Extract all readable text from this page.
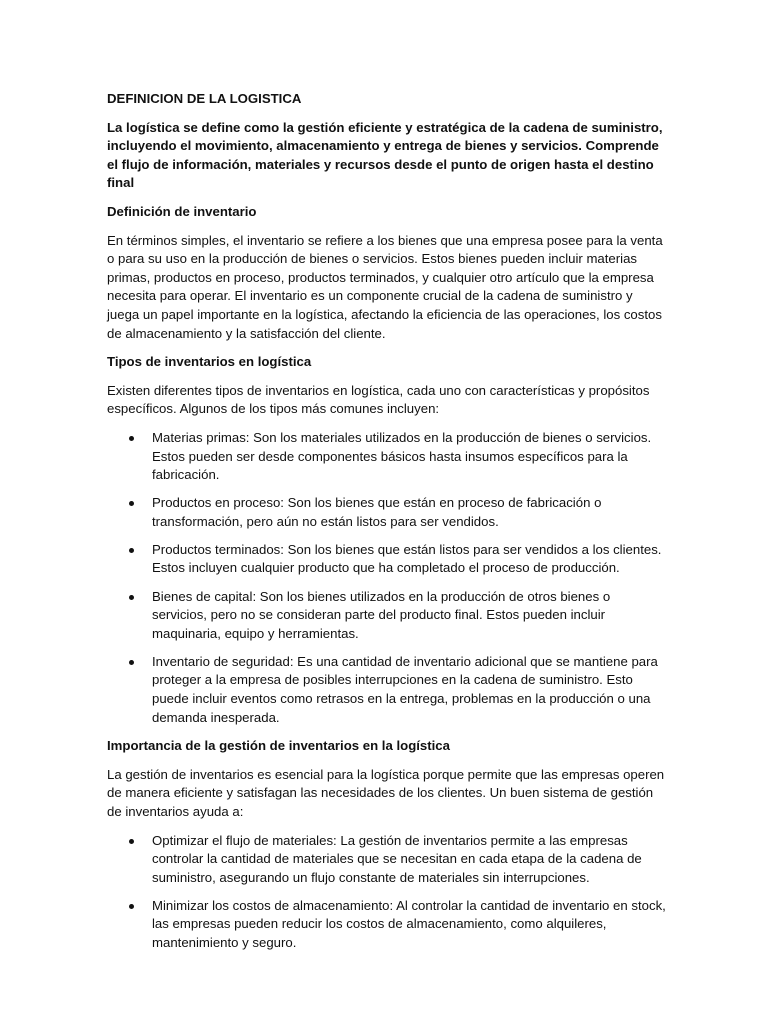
DEFINICION DE LA LOGISTICA

La logística se define como la gestión eficiente y estratégica de la cadena de suministro, incluyendo el movimiento, almacenamiento y entrega de bienes y servicios. Comprende el flujo de información, materiales y recursos desde el punto de origen hasta el destino final

Definición de inventario

En términos simples, el inventario se refiere a los bienes que una empresa posee para la venta o para su uso en la producción de bienes o servicios. Estos bienes pueden incluir materias primas, productos en proceso, productos terminados, y cualquier otro artículo que la empresa necesita para operar. El inventario es un componente crucial de la cadena de suministro y juega un papel importante en la logística, afectando la eficiencia de las operaciones, los costos de almacenamiento y la satisfacción del cliente.

Tipos de inventarios en logística

Existen diferentes tipos de inventarios en logística, cada uno con características y propósitos específicos. Algunos de los tipos más comunes incluyen:

Materias primas: Son los materiales utilizados en la producción de bienes o servicios. Estos pueden ser desde componentes básicos hasta insumos específicos para la fabricación.
Productos en proceso: Son los bienes que están en proceso de fabricación o transformación, pero aún no están listos para ser vendidos.
Productos terminados: Son los bienes que están listos para ser vendidos a los clientes. Estos incluyen cualquier producto que ha completado el proceso de producción.
Bienes de capital: Son los bienes utilizados en la producción de otros bienes o servicios, pero no se consideran parte del producto final. Estos pueden incluir maquinaria, equipo y herramientas.
Inventario de seguridad: Es una cantidad de inventario adicional que se mantiene para proteger a la empresa de posibles interrupciones en la cadena de suministro. Esto puede incluir eventos como retrasos en la entrega, problemas en la producción o una demanda inesperada.

Importancia de la gestión de inventarios en la logística

La gestión de inventarios es esencial para la logística porque permite que las empresas operen de manera eficiente y satisfagan las necesidades de los clientes. Un buen sistema de gestión de inventarios ayuda a:

Optimizar el flujo de materiales: La gestión de inventarios permite a las empresas controlar la cantidad de materiales que se necesitan en cada etapa de la cadena de suministro, asegurando un flujo constante de materiales sin interrupciones.
Minimizar los costos de almacenamiento: Al controlar la cantidad de inventario en stock, las empresas pueden reducir los costos de almacenamiento, como alquileres, mantenimiento y seguro.
